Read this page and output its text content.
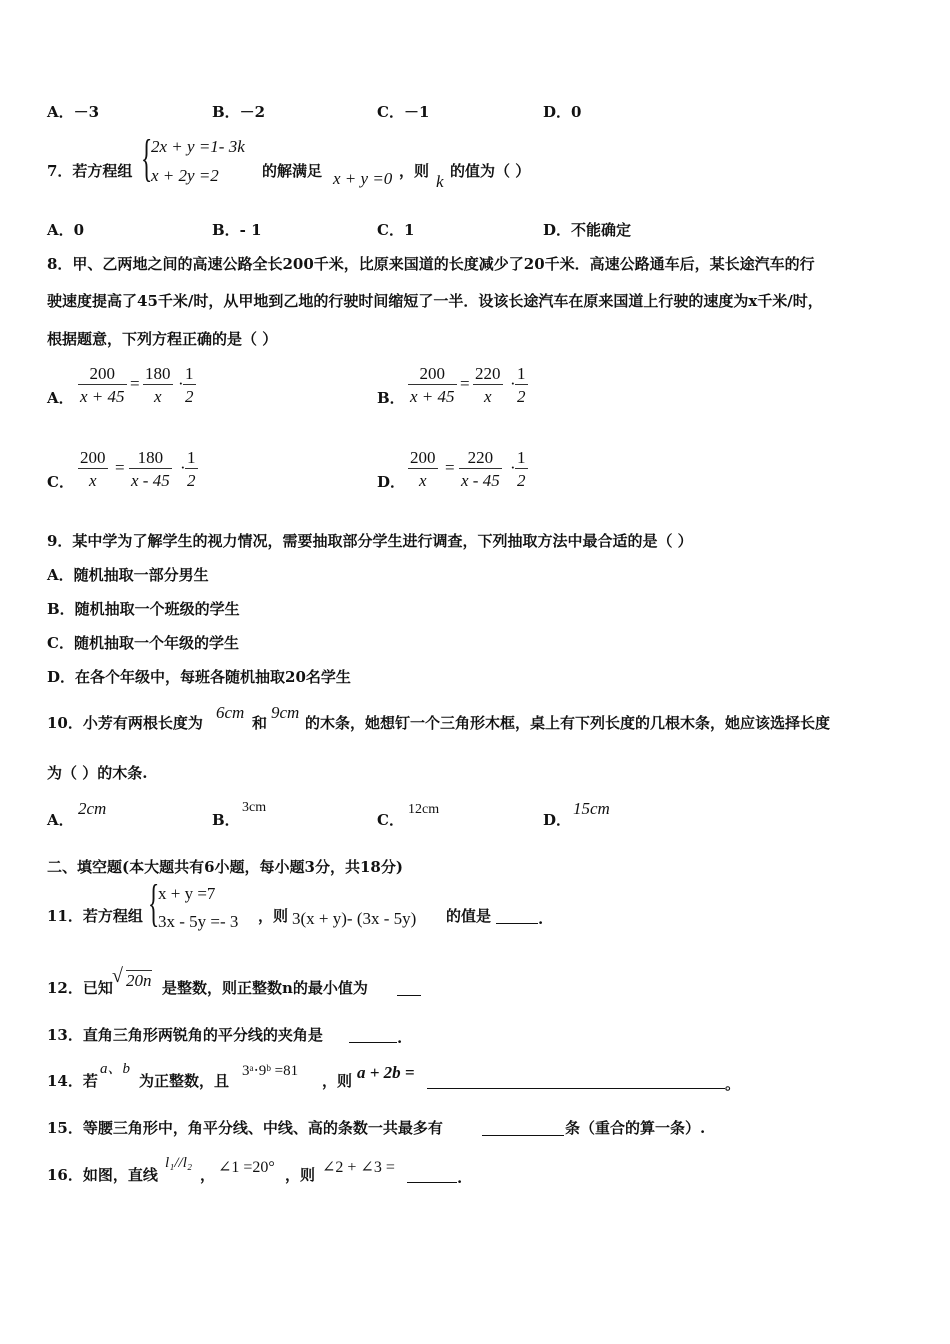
A．－3	B．－2	C．－1	D．0
7．若方程组 {
2x + y =1- 3k
x + 2y =2	的解满足 x + y =0 ，则
k
的值为（ ）
A．0	B．- 1	C．1	D．不能确定
8．甲、乙两地之间的高速公路全长200千米，比原来国道的长度减少了20千米．高速公路通车后，某长途汽车的行
驶速度提高了45千米/时，从甲地到乙地的行驶时间缩短了一半．设该长途汽车在原来国道上行驶的速度为x千米/时，
根据题意，下列方程正确的是（ ）
A．
200
x + 45
=
180
x
·
1
2	B．
200
x + 45
=
220
x
·
1
2
C．
200
x
=
180
x - 45
·
1
2	D．
200
x
=
220
x - 45
·
1
2
9．某中学为了解学生的视力情况，需要抽取部分学生进行调查，下列抽取方法中最合适的是（ ）
A．随机抽取一部分男生
B．随机抽取一个班级的学生
C．随机抽取一个年级的学生
D．在各个年级中，每班各随机抽取20名学生
10．小芳有两根长度为
6cm
和
9cm
的木条，她想钉一个三角形木框，桌上有下列长度的几根木条，她应该选择长度
为（ ）的木条.
A．
2cm
B．
3cm
C．
12cm
D．
15cm
二、填空题(本大题共有6小题，每小题3分，共18分)
11．若方程组 {
x + y =7
3x - 5y =- 3 ，则 3(x + y)- (3x - 5y) 的值是	.
12．已知
√ 20n 是整数，则正整数n的最小值为
13．直角三角形两锐角的平分线的夹角是	.
14．若
a、b
为正整数，且
3ᵃ⋅9ᵇ =81
，则 a + 2b =
。
15．等腰三角形中，角平分线、中线、高的条数一共最多有	条（重合的算一条）.
16．如图，直线
l₁//l₂
， ∠1 =20° ，则 ∠2 + ∠3 =
.
